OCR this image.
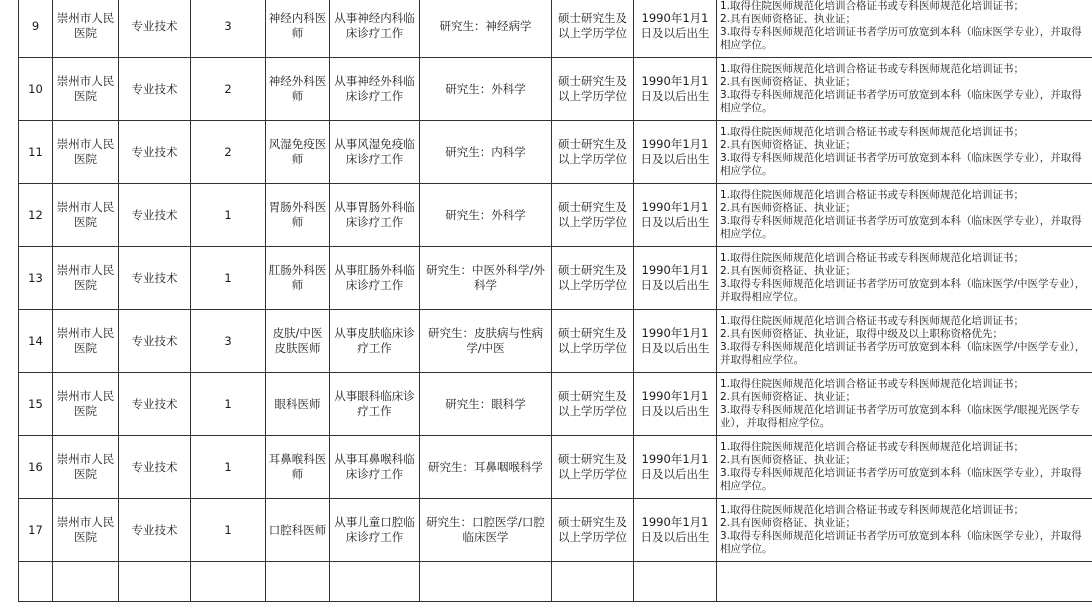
9	崇州市人民医院	专业技术	3	神经内科医师	从事神经内科临床诊疗工作	研究生：神经病学	硕士研究生及以上学历学位	1990年1月1日及以后出生	1.取得住院医师规范化培训合格证书或专科医师规范化培训证书；
2.具有医师资格证、执业证；
3.取得专科医师规范化培训证书者学历可放宽到本科（临床医学专业），并取得相应学位。

10	崇州市人民医院	专业技术	2	神经外科医师	从事神经外科临床诊疗工作	研究生：外科学	硕士研究生及以上学历学位	1990年1月1日及以后出生	1.取得住院医师规范化培训合格证书或专科医师规范化培训证书；
2.具有医师资格证、执业证；
3.取得专科医师规范化培训证书者学历可放宽到本科（临床医学专业），并取得相应学位。

11	崇州市人民医院	专业技术	2	风湿免疫医师	从事风湿免疫临床诊疗工作	研究生：内科学	硕士研究生及以上学历学位	1990年1月1日及以后出生	1.取得住院医师规范化培训合格证书或专科医师规范化培训证书；
2.具有医师资格证、执业证；
3.取得专科医师规范化培训证书者学历可放宽到本科（临床医学专业），并取得相应学位。

12	崇州市人民医院	专业技术	1	胃肠外科医师	从事胃肠外科临床诊疗工作	研究生：外科学	硕士研究生及以上学历学位	1990年1月1日及以后出生	1.取得住院医师规范化培训合格证书或专科医师规范化培训证书；
2.具有医师资格证、执业证；
3.取得专科医师规范化培训证书者学历可放宽到本科（临床医学专业），并取得相应学位。

13	崇州市人民医院	专业技术	1	肛肠外科医师	从事肛肠外科临床诊疗工作	研究生：中医外科学/外科学	硕士研究生及以上学历学位	1990年1月1日及以后出生	1.取得住院医师规范化培训合格证书或专科医师规范化培训证书；
2.具有医师资格证、执业证；
3.取得专科医师规范化培训证书者学历可放宽到本科（临床医学/中医学专业），并取得相应学位。

14	崇州市人民医院	专业技术	3	皮肤/中医皮肤医师	从事皮肤临床诊疗工作	研究生：皮肤病与性病学/中医	硕士研究生及以上学历学位	1990年1月1日及以后出生	1.取得住院医师规范化培训合格证书或专科医师规范化培训证书；
2.具有医师资格证、执业证，取得中级及以上职称资格优先；
3.取得专科医师规范化培训证书者学历可放宽到本科（临床医学/中医学专业），并取得相应学位。

15	崇州市人民医院	专业技术	1	眼科医师	从事眼科临床诊疗工作	研究生：眼科学	硕士研究生及以上学历学位	1990年1月1日及以后出生	1.取得住院医师规范化培训合格证书或专科医师规范化培训证书；
2.具有医师资格证、执业证；
3.取得专科医师规范化培训证书者学历可放宽到本科（临床医学/眼视光医学专业），并取得相应学位。

16	崇州市人民医院	专业技术	1	耳鼻喉科医师	从事耳鼻喉科临床诊疗工作	研究生：耳鼻咽喉科学	硕士研究生及以上学历学位	1990年1月1日及以后出生	1.取得住院医师规范化培训合格证书或专科医师规范化培训证书；
2.具有医师资格证、执业证；
3.取得专科医师规范化培训证书者学历可放宽到本科（临床医学专业），并取得相应学位。

17	崇州市人民医院	专业技术	1	口腔科医师	从事儿童口腔临床诊疗工作	研究生：口腔医学/口腔临床医学	硕士研究生及以上学历学位	1990年1月1日及以后出生	1.取得住院医师规范化培训合格证书或专科医师规范化培训证书；
2.具有医师资格证、执业证；
3.取得专科医师规范化培训证书者学历可放宽到本科（临床医学专业），并取得相应学位。
